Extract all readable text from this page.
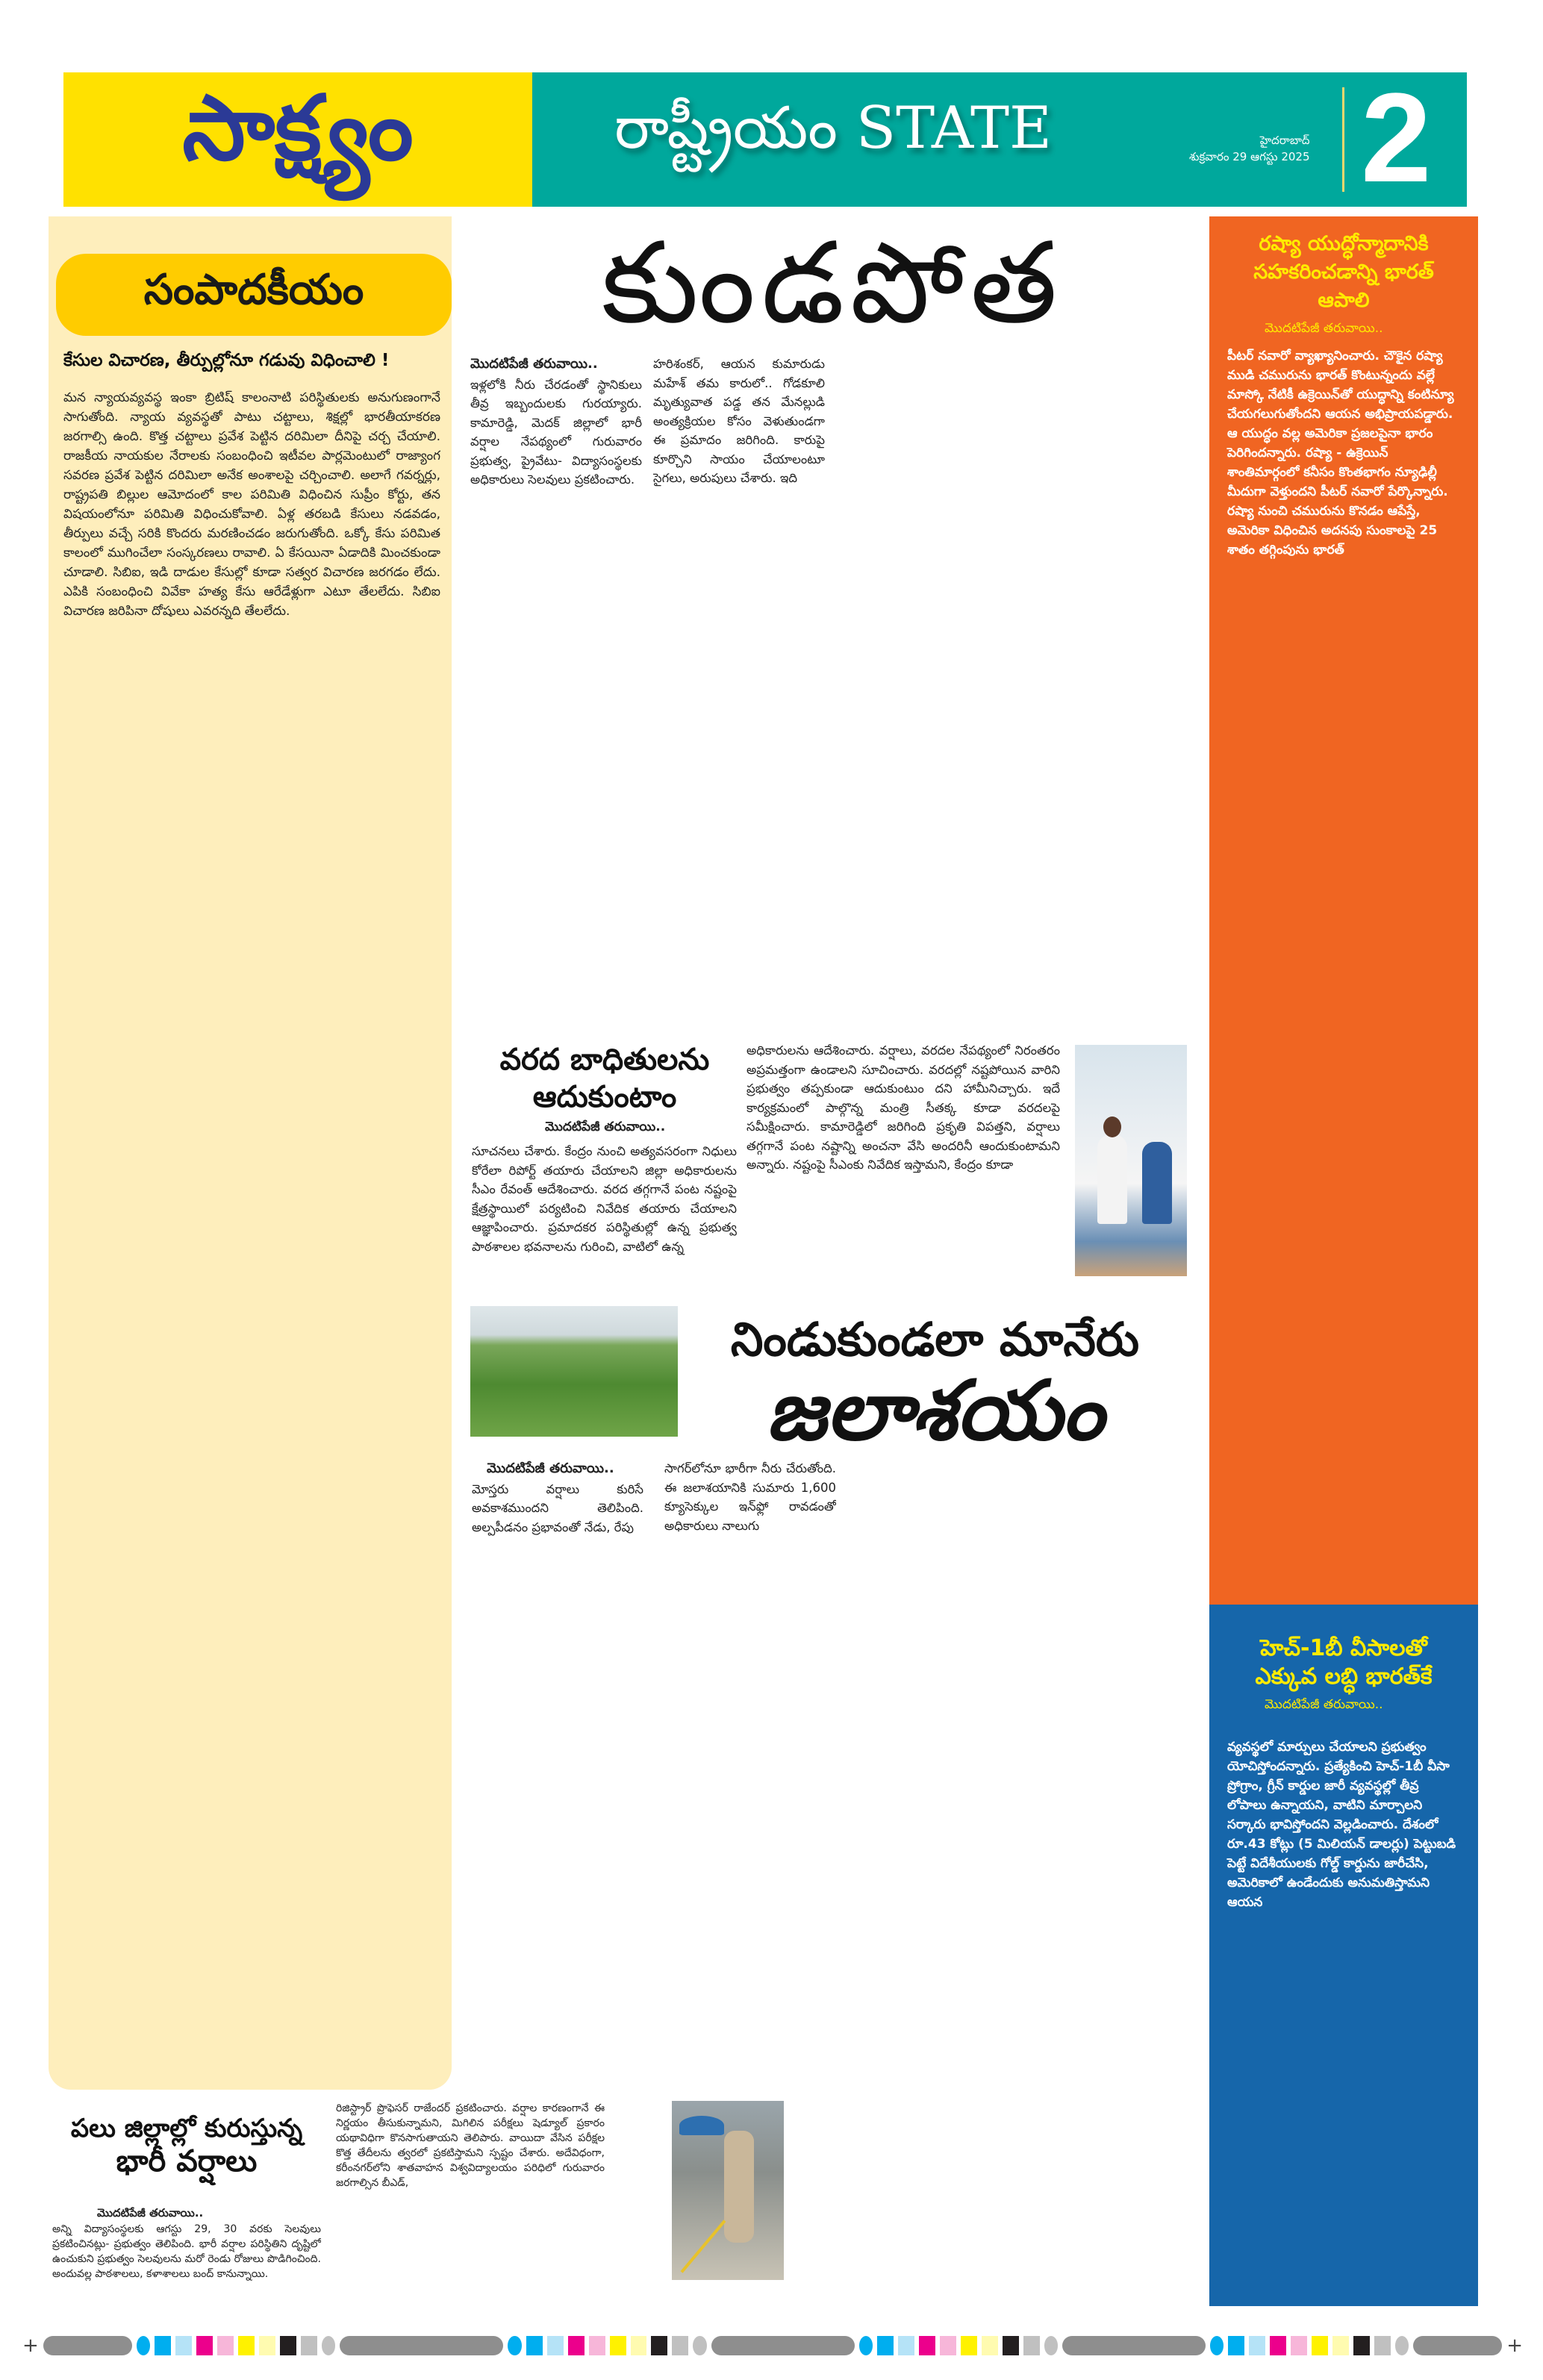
సాక్ష్యం	రాష్ట్రీయం STATE	హైదరాబాద్
శుక్రవారం 29 ఆగస్టు 2025 2
సంపాదకీయం
కేసుల విచారణ, తీర్పుల్లోనూ గడువు విధించాలి !
మన న్యాయవ్యవస్థ ఇంకా బ్రిటిష్ కాలంనాటి పరిస్థితులకు అనుగుణంగానే సాగుతోంది. న్యాయ వ్యవస్థతో పాటు చట్టాలు, శిక్షల్లో భారతీయాకరణ జరగాల్సి ఉంది. కొత్త చట్టాలు ప్రవేశ పెట్టిన దరిమిలా దీనిపై చర్చ చేయాలి. రాజకీయ నాయకుల నేరాలకు సంబంధించి ఇటీవల పార్లమెంటులో రాజ్యాంగ సవరణ ప్రవేశ పెట్టిన దరిమిలా అనేక అంశాలపై చర్చించాలి. అలాగే గవర్నర్లు, రాష్ట్రపతి బిల్లుల ఆమోదంలో కాల పరిమితి విధించిన సుప్రీం కోర్టు, తన విషయంలోనూ పరిమితి విధించుకోవాలి. ఏళ్ల తరబడి కేసులు నడవడం, తీర్పులు వచ్చే సరికి కొందరు మరణించడం జరుగుతోంది. ఒక్కో కేసు పరిమిత కాలంలో ముగించేలా సంస్కరణలు రావాలి. ఏ కేసయినా ఏడాదికి మించకుండా చూడాలి. సిబిఐ, ఇడి దాడుల కేసుల్లో కూడా సత్వర విచారణ జరగడం లేదు. ఎపికి సంబంధించి వివేకా హత్య కేసు ఆరేడేళ్లుగా ఎటూ తేలలేదు. సిబిఐ విచారణ జరిపినా దోషులు ఎవరన్నది తేలలేదు.
కుండపోత
మొదటిపేజీ తరువాయి..
ఇళ్లలోకి నీరు చేరడంతో స్థానికులు తీవ్ర ఇబ్బందులకు గురయ్యారు. కామారెడ్డి, మెదక్ జిల్లాలో భారీ వర్షాల నేపథ్యంలో గురువారం ప్రభుత్వ, ప్రైవేటు- విద్యాసంస్థలకు అధికారులు సెలవులు ప్రకటించారు.
హరిశంకర్, ఆయన కుమారుడు మహేశ్ తమ కారులో.. గోడకూలి మృత్యువాత పడ్డ తన మేనల్లుడి అంత్యక్రియల కోసం వెళుతుండగా ఈ ప్రమాదం జరిగింది. కారుపై కూర్చొని సాయం చేయాలంటూ సైగలు, అరుపులు చేశారు. ఇది
వరద బాధితులను
ఆదుకుంటాం
మొదటిపేజీ తరువాయి..
సూచనలు చేశారు. కేంద్రం నుంచి అత్యవసరంగా నిధులు కోరేలా రిపోర్ట్ తయారు చేయాలని జిల్లా అధికారులను సీఎం రేవంత్ ఆదేశించారు. వరద తగ్గగానే పంట నష్టంపై క్షేత్రస్థాయిలో పర్యటించి నివేదిక తయారు చేయాలని ఆజ్ఞాపించారు. ప్రమాదకర పరిస్థితుల్లో ఉన్న ప్రభుత్వ పాఠశాలల భవనాలను గురించి, వాటిలో ఉన్న
అధికారులను ఆదేశించారు. వర్షాలు, వరదల నేపథ్యంలో నిరంతరం అప్రమత్తంగా ఉండాలని సూచించారు. వరదల్లో నష్టపోయిన వారిని ప్రభుత్వం తప్పకుండా ఆదుకుంటుం దని హామీనిచ్చారు. ఇదే కార్యక్రమంలో పాల్గొన్న మంత్రి సీతక్క కూడా వరదలపై సమీక్షించారు. కామారెడ్డిలో జరిగింది ప్రకృతి విపత్తని, వర్షాలు తగ్గగానే పంట నష్టాన్ని అంచనా వేసి అందరినీ ఆందుకుంటామని అన్నారు. నష్టంపై సీఎంకు నివేదిక ఇస్తామని, కేంద్రం కూడా
నిండుకుండలా మానేరు
జలాశయం
మొదటిపేజీ తరువాయి..
మోస్తరు వర్షాలు కురిసే అవకాశముందని తెలిపింది. అల్పపీడనం ప్రభావంతో నేడు, రేపు
సాగర్‌లోనూ భారీగా నీరు చేరుతోంది. ఈ జలాశయానికి సుమారు 1,600 క్యూసెక్కుల ఇన్‌ఫ్లో రావడంతో అధికారులు నాలుగు
పలు జిల్లాల్లో కురుస్తున్న
భారీ వర్షాలు
మొదటిపేజీ తరువాయి..
అన్ని విద్యాసంస్థలకు ఆగస్టు 29, 30 వరకు సెలవులు ప్రకటించినట్లు- ప్రభుత్వం తెలిపింది. భారీ వర్షాల పరిస్థితిని దృష్టిలో ఉంచుకుని ప్రభుత్వం సెలవులను మరో రెండు రోజులు పొడిగించింది. అందువల్ల పాఠశాలలు, కళాశాలలు బంద్ కానున్నాయి.
రిజిస్ట్రార్ ప్రొఫెసర్ రాజేందర్ ప్రకటించారు. వర్షాల కారణంగానే ఈ నిర్ణయం తీసుకున్నామని, మిగిలిన పరీక్షలు షెడ్యూల్ ప్రకారం యథావిధిగా కొనసాగుతాయని తెలిపారు. వాయిదా వేసిన పరీక్షల కొత్త తేదీలను త్వరలో ప్రకటిస్తామని స్పష్టం చేశారు. అదేవిధంగా, కరీంనగర్‌లోని శాతవాహన విశ్వవిద్యాలయం పరిధిలో గురువారం జరగాల్సిన బీఎడ్,
రష్యా యుద్ధోన్మాదానికి సహకరించడాన్ని భారత్ ఆపాలి
మొదటిపేజీ తరువాయి..

పీటర్ నవారో వ్యాఖ్యానించారు. చౌకైన రష్యా ముడి చమురును భారత్ కొంటున్నందు వల్లే మాస్కో నేటికీ ఉక్రెయిన్‌తో యుద్ధాన్ని కంటిన్యూ చేయగలుగుతోందని ఆయన అభిప్రాయపడ్డారు. ఆ యుద్ధం వల్ల అమెరికా ప్రజలపైనా భారం పెరిగిందన్నారు. రష్యా - ఉక్రెయిన్ శాంతిమార్గంలో కనీసం కొంతభాగం న్యూఢిల్లీ మీదుగా వెళ్తుందని పీటర్ నవారో పేర్కొన్నారు. రష్యా నుంచి చమురును కొనడం ఆపేస్తే, అమెరికా విధించిన అదనపు సుంకాలపై 25 శాతం తగ్గింపును భారత్

హెచ్-1బీ వీసాలతో ఎక్కువ లబ్ధి భారత్‌కే
మొదటిపేజీ తరువాయి..

వ్యవస్థలో మార్పులు చేయాలని ప్రభుత్వం యోచిస్తోందన్నారు. ప్రత్యేకించి హెచ్-1బీ వీసా ప్రోగ్రాం, గ్రీన్ కార్డుల జారీ వ్యవస్థల్లో తీవ్ర లోపాలు ఉన్నాయని, వాటిని మార్చాలని సర్కారు భావిస్తోందని వెల్లడించారు. దేశంలో రూ.43 కోట్లు (5 మిలియన్ డాలర్లు) పెట్టుబడి పెట్టే విదేశీయులకు గోల్డ్ కార్డును జారీచేసి, అమెరికాలో ఉండేందుకు అనుమతిస్తామని ఆయన

+	+
